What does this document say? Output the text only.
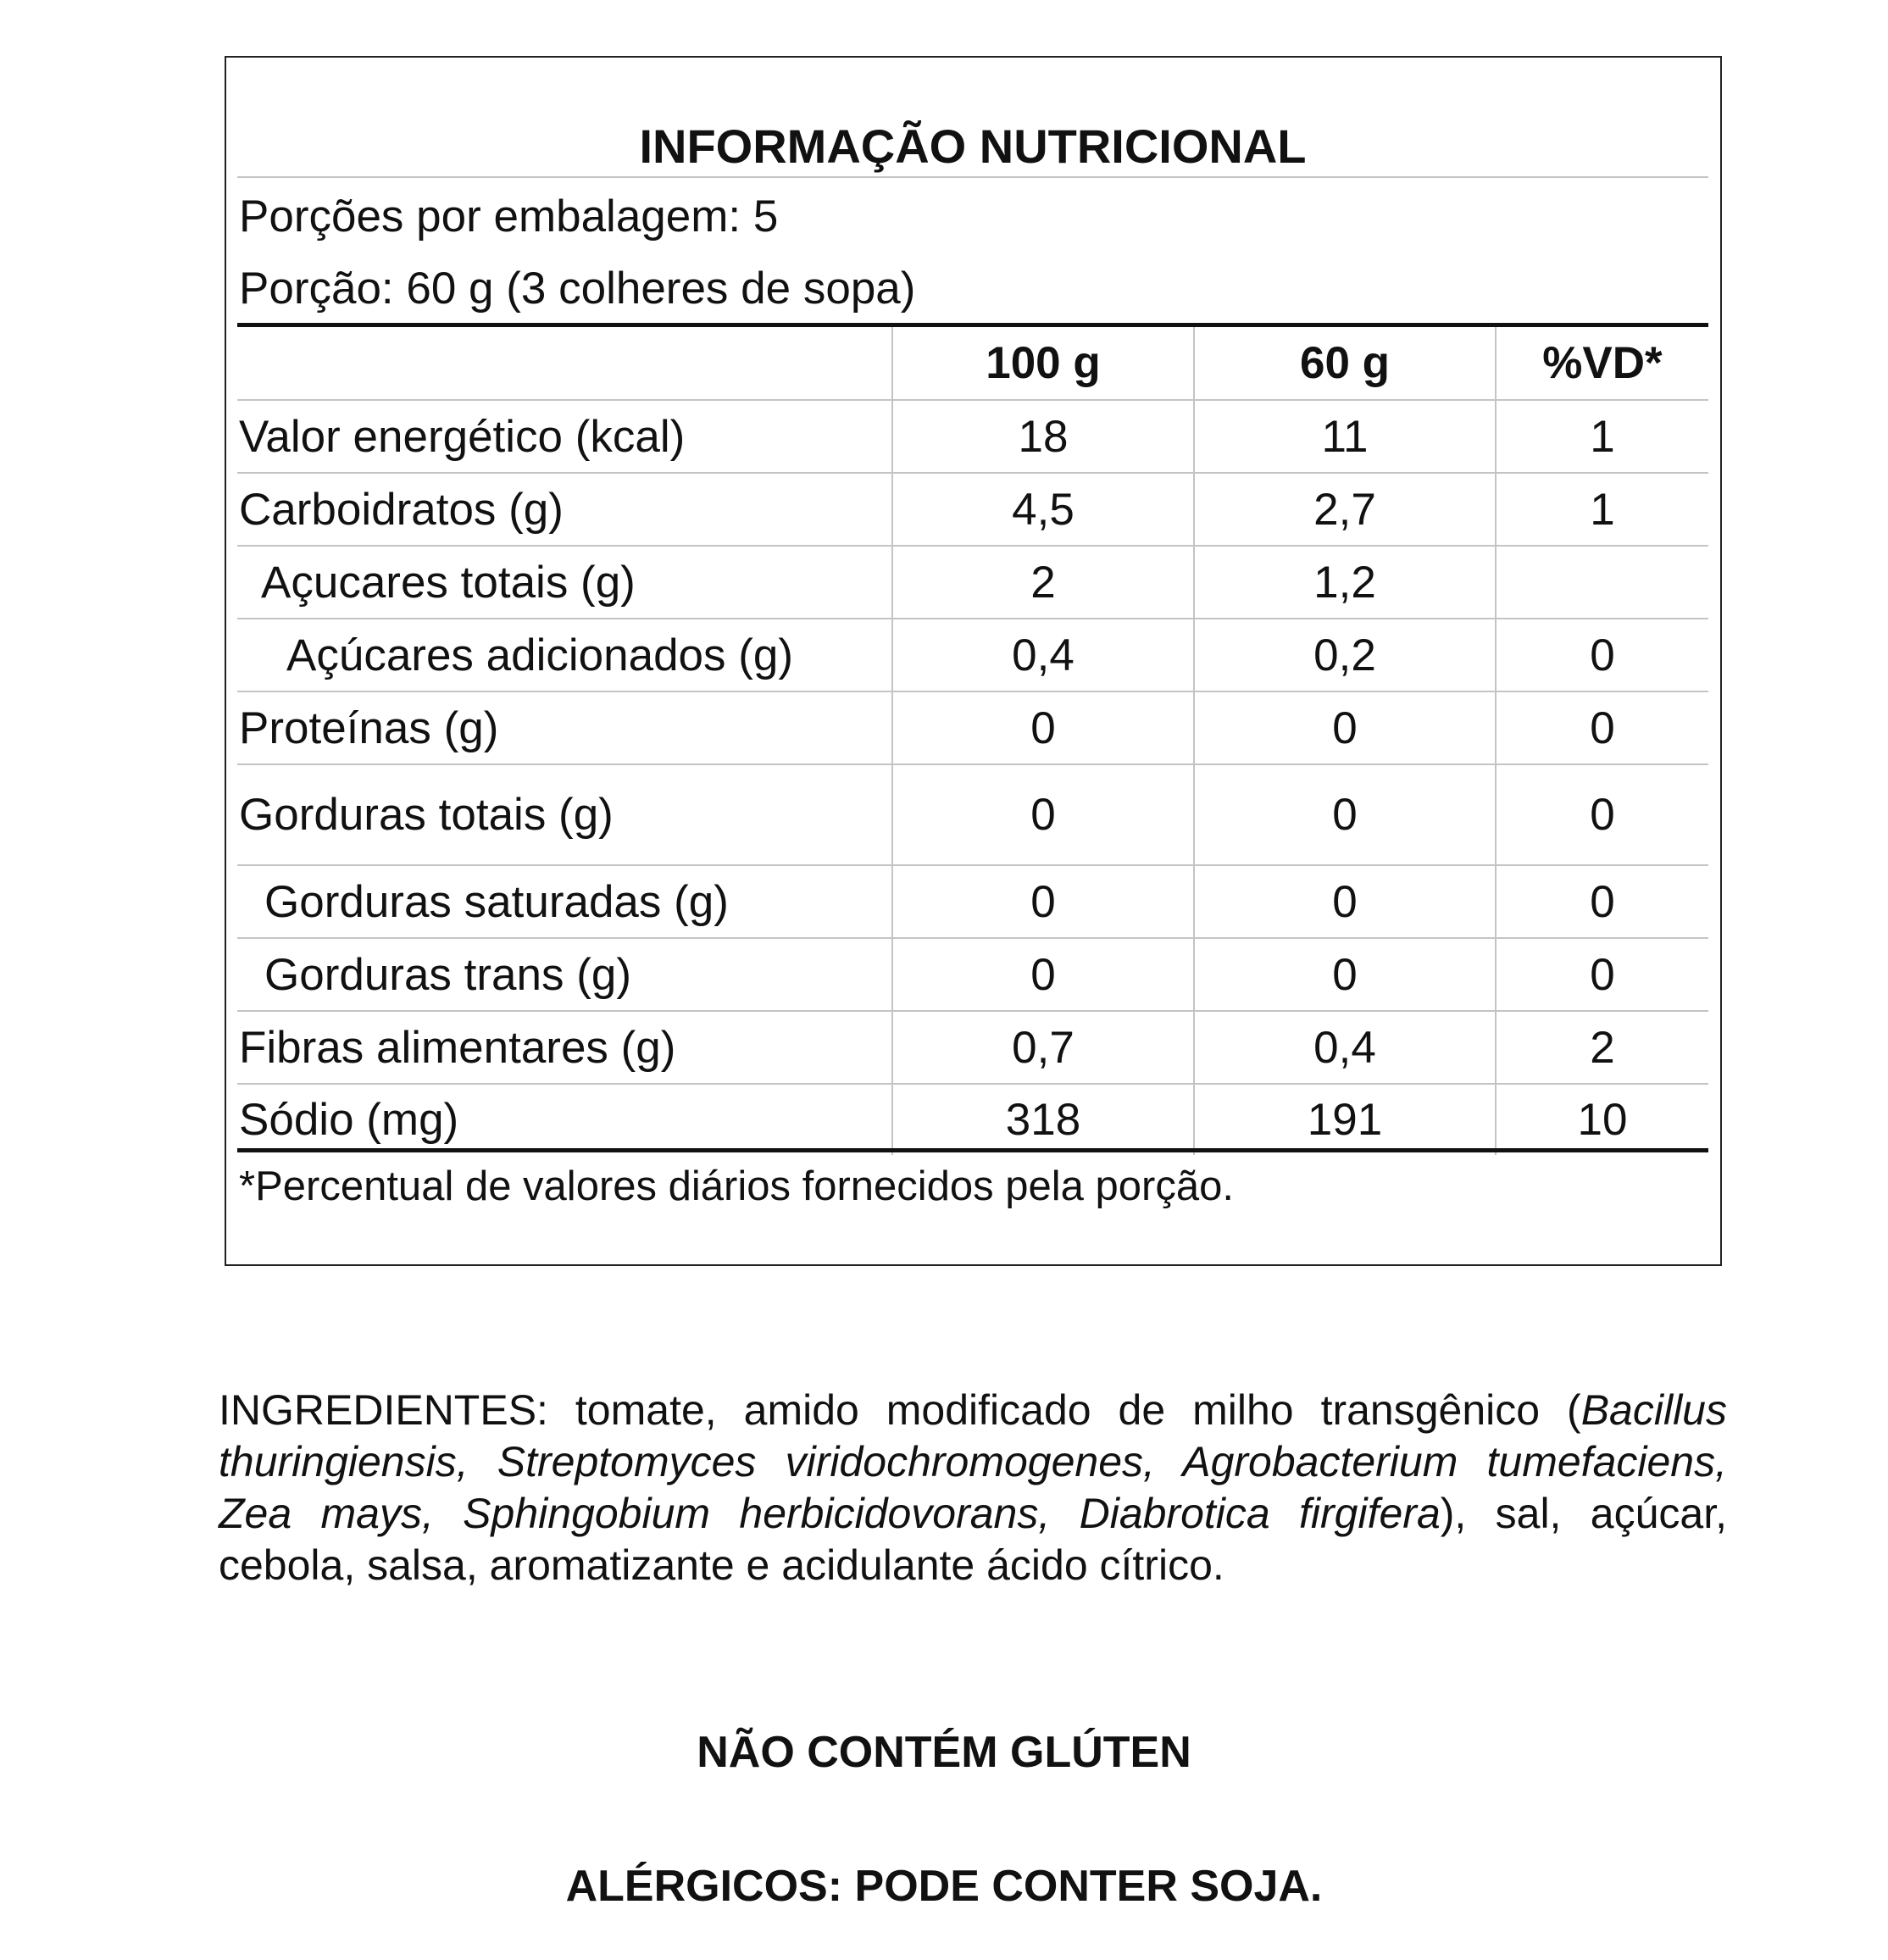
INFORMAÇÃO NUTRICIONAL
Porções por embalagem: 5
Porção: 60 g (3 colheres de sopa)
	100 g	60 g	%VD*
Valor energético (kcal)	18	11	1
Carboidratos (g)	4,5	2,7	1
Açucares totais (g)	2	1,2	
Açúcares adicionados (g)	0,4	0,2	0
Proteínas (g)	0	0	0
Gorduras totais (g)	0	0	0
Gorduras saturadas (g)	0	0	0
Gorduras trans (g)	0	0	0
Fibras alimentares (g)	0,7	0,4	2
Sódio (mg)	318	191	10
*Percentual de valores diários fornecidos pela porção.
INGREDIENTES: tomate, amido modificado de milho transgênico (Bacillus thuringiensis, Streptomyces viridochromogenes, Agrobacterium tumefaciens, Zea mays, Sphingobium herbicidovorans, Diabrotica firgifera), sal, açúcar, cebola, salsa, aromatizante e acidulante ácido cítrico.
NÃO CONTÉM GLÚTEN
ALÉRGICOS: PODE CONTER SOJA.
